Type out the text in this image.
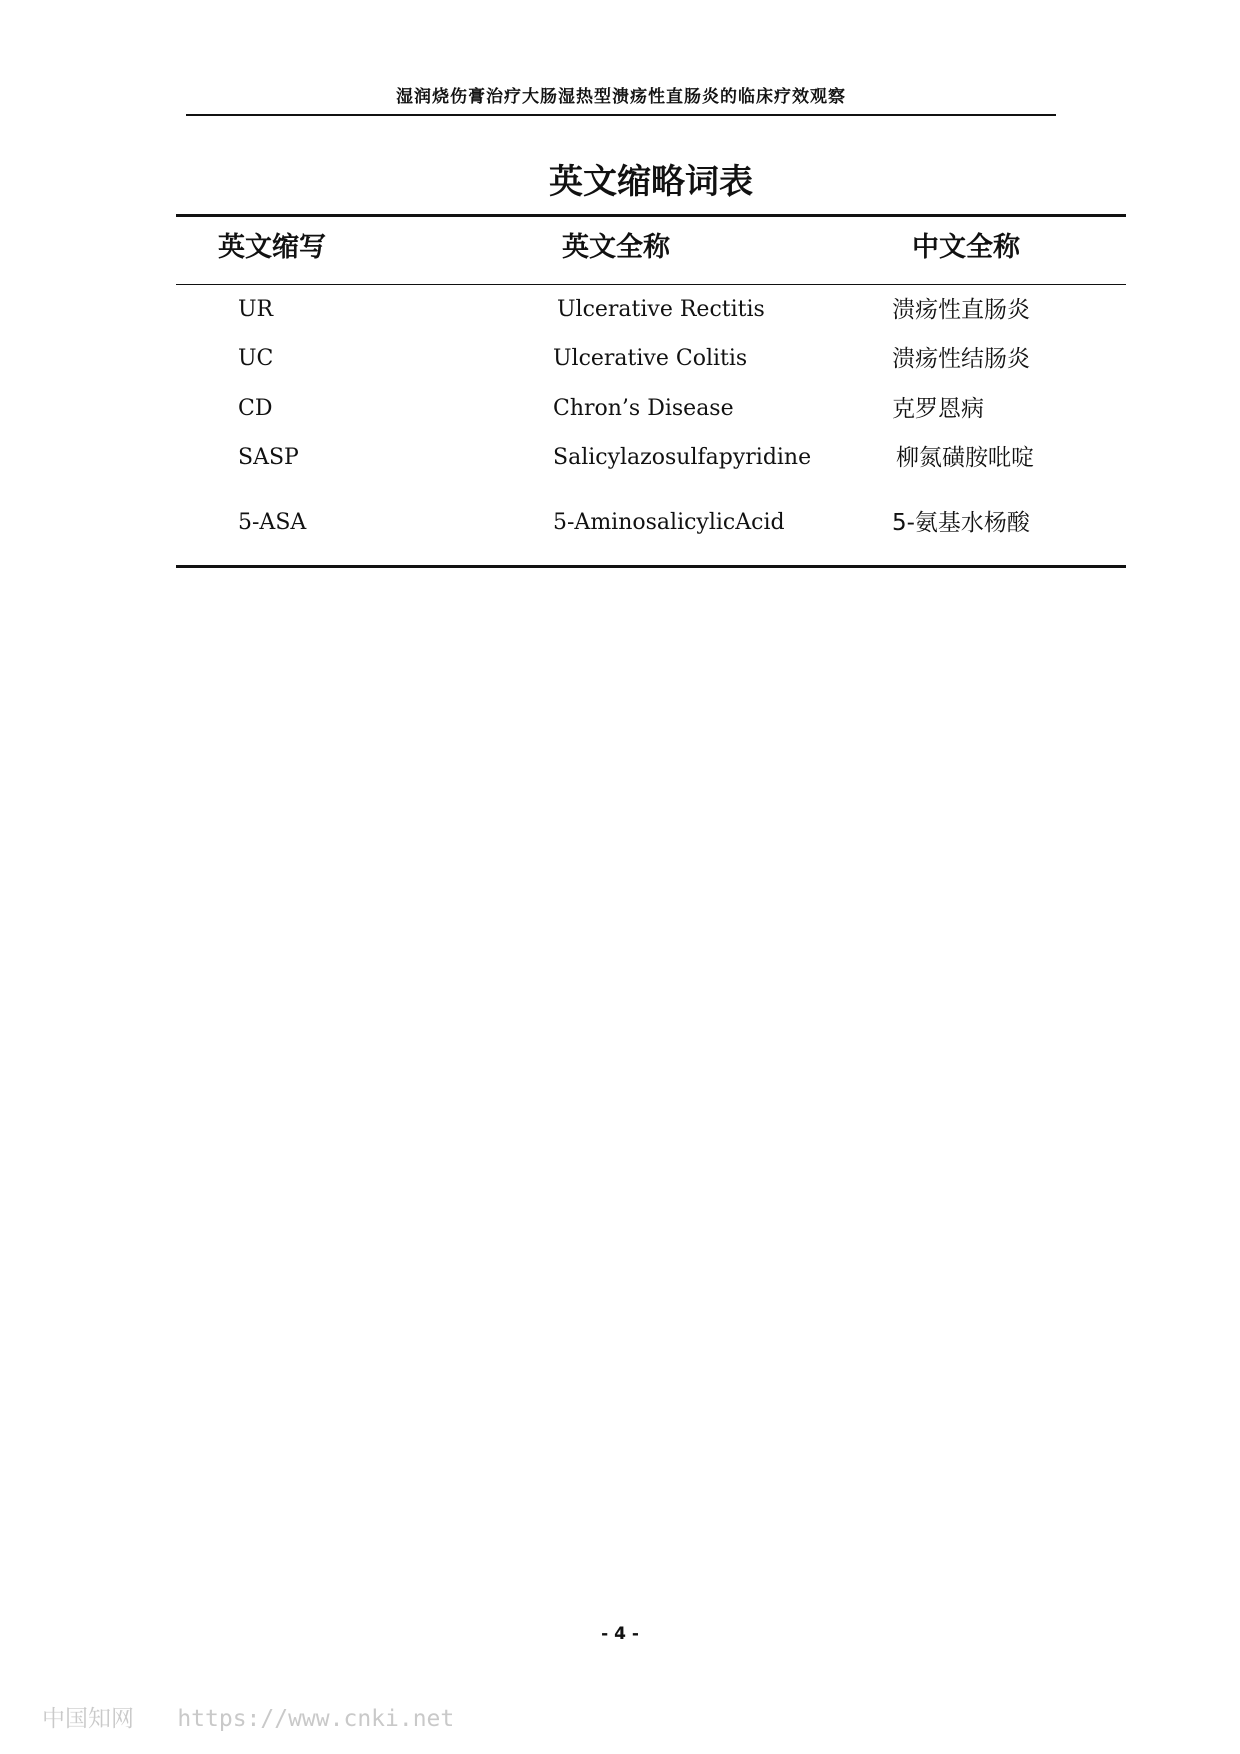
湿润烧伤膏治疗大肠湿热型溃疡性直肠炎的临床疗效观察
英文缩略词表
英文缩写	英文全称	中文全称
UR	Ulcerative Rectitis	溃疡性直肠炎
UC	Ulcerative Colitis	溃疡性结肠炎
CD	Chron’s Disease	克罗恩病
SASP	Salicylazosulfapyridine	柳氮磺胺吡啶
5-ASA	5-AminosalicylicAcid	5-氨基水杨酸
- 4 -
中国知网 https://www.cnki.net
